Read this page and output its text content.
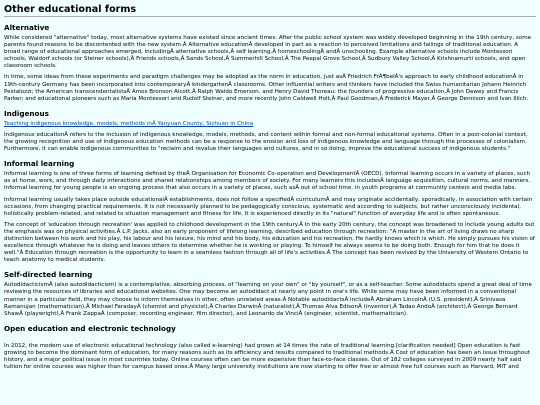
Other educational forms
Alternative

While considered "alternative" today, most alternative systems have existed since ancient times. After the public school system was widely developed beginning in the 19th century, some parents found reasons to be discontented with the new system.Â Alternative educationÂ developed in part as a reaction to perceived limitations and failings of traditional education. A broad range of educational approaches emerged, includingÂ alternative schools,Â self learning,Â homeschoolingÂ andÂ unschooling. Example alternative schools include Montessori schools, Waldorf schools (or Steiner schools),Â Friends schools,Â Sands School,Â Summerhill School,Â The Peepal Grove School,Â Sudbury Valley School,Â Krishnamurti schools, and open classroom schools.

In time, some ideas from these experiments and paradigm challenges may be adopted as the norm in education, just asÂ Friedrich FrÃ¶belÂ's approach to early childhood educationÂ in 19th-century Germany has been incorporated into contemporaryÂ kindergartenÂ classrooms. Other influential writers and thinkers have included the Swiss humanitarian Johann Heinrich Pestalozzi; the American transcendentalistsÂ Amos Bronson Alcott,Â Ralph Waldo Emerson, and Henry David Thoreau; the founders of progressive education,Â John Dewey and Francis Parker; and educational pioneers such as Maria Montessori and Rudolf Steiner, and more recently John Caldwell Holt,Â Paul Goodman,Â Frederick Mayer,Â George Dennison and Ivan Illich.

Indigenous

Teaching indigenous knowledge, models, methods inÂ Yanyuan County, Sichuan in China

Indigenous educationÂ refers to the inclusion of indigenous knowledge, models, methods, and content within formal and non-formal educational systems. Often in a post-colonial context, the growing recognition and use of indigenous education methods can be a response to the erosion and loss of indigenous knowledge and language through the processes of colonialism. Furthermore, it can enable indigenous communities to "reclaim and revalue their languages and cultures, and in so doing, improve the educational success of indigenous students."

Informal learning

Informal learning is one of three forms of learning defined by theÂ Organisation for Economic Co-operation and DevelopmentÂ (OECD). Informal learning occurs in a variety of places, such as at home, work, and through daily interactions and shared relationships among members of society. For many learners this includesÂ language acquisition, cultural norms, and manners. Informal learning for young people is an ongoing process that also occurs in a variety of places, such asÂ out of school time, in youth programs at community centers and media labs.

Informal learning usually takes place outside educationalÂ establishments, does not follow a specifiedÂ curriculumÂ and may originate accidentally, sporadically, in association with certain occasions, from changing practical requirements. It is not necessarily planned to be pedagogically conscious, systematic and according to subjects, but rather unconsciously incidental, holistically problem-related, and related to situation management and fitness for life. It is experienced directly in its "natural" function of everyday life and is often spontaneous.

The concept of 'education through recreation' was applied to childhood development in the 19th century.Â In the early 20th century, the concept was broadened to include young adults but the emphasis was on physical activities.Â L.P. Jacks, also an early proponent of lifelong learning, described education through recreation: "A master in the art of living draws no sharp distinction between his work and his play, his labour and his leisure, his mind and his body, his education and his recreation. He hardly knows which is which. He simply pursues his vision of excellence through whatever he is doing and leaves others to determine whether he is working or playing. To himself he always seems to be doing both. Enough for him that he does it well."Â Education through recreation is the opportunity to learn in a seamless fashion through all of life's activities.Â The concept has been revived by the University of Western Ontario to teach anatomy to medical students.

Self-directed learning

AutodidacticismÂ (also autodidacticism) is a contemplative, absorbing process, of "learning on your own" or "by yourself", or as a self-teacher. Some autodidacts spend a great deal of time reviewing the resources of libraries and educational websites. One may become an autodidact at nearly any point in one's life. While some may have been informed in a conventional manner in a particular field, they may choose to inform themselves in other, often unrelated areas.Â Notable autodidactsÂ includeÂ Abraham LincolnÂ (U.S. president),Â Srinivasa Ramanujan (mathematician),Â Michael FaradayÂ (chemist and physicist),Â Charles DarwinÂ (naturalist),Â Thomas Alva EdisonÂ (inventor),Â Tadao AndoÂ (architect),Â George Bernard ShawÂ (playwright),Â Frank ZappaÂ (composer, recording engineer, film director), and Leonardo da VinciÂ (engineer, scientist, mathematician).

Open education and electronic technology

In 2012, the modern use of electronic educational technology (also called e-learning) had grown at 14 times the rate of traditional learning.[clarification needed] Open education is fast growing to become the dominant form of education, for many reasons such as its efficiency and results compared to traditional methods.Â Cost of education has been an issue throughout history, and a major political issue in most countries today. Online courses often can be more expensive than face-to-face classes. Out of 182 colleges surveyed in 2009 nearly half said tuition for online courses was higher than for campus based ones.Â Many large university institutions are now starting to offer free or almost free full courses such as Harvard, MIT and
